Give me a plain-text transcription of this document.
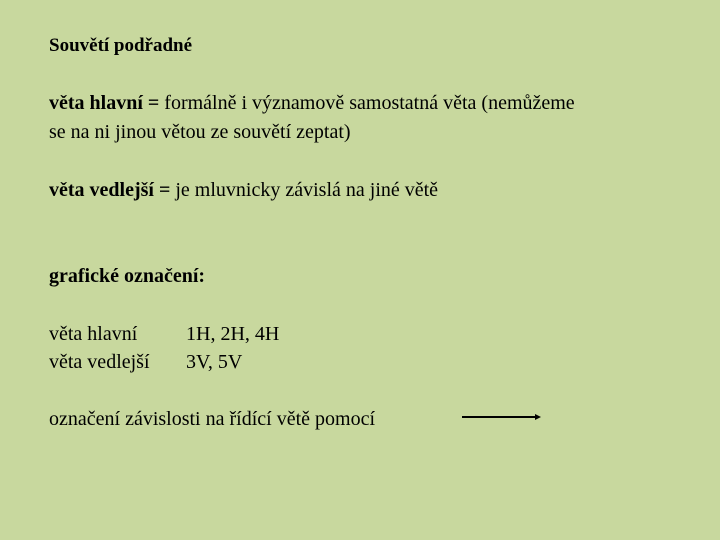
Souvětí podřadné
věta hlavní = formálně i významově samostatná věta (nemůžeme
se na ni jinou větou ze souvětí zeptat)
věta vedlejší = je mluvnicky závislá na jiné větě
grafické označení:
věta hlavní 1H, 2H, 4H
věta vedlejší 3V, 5V
označení závislosti na řídící větě pomocí
